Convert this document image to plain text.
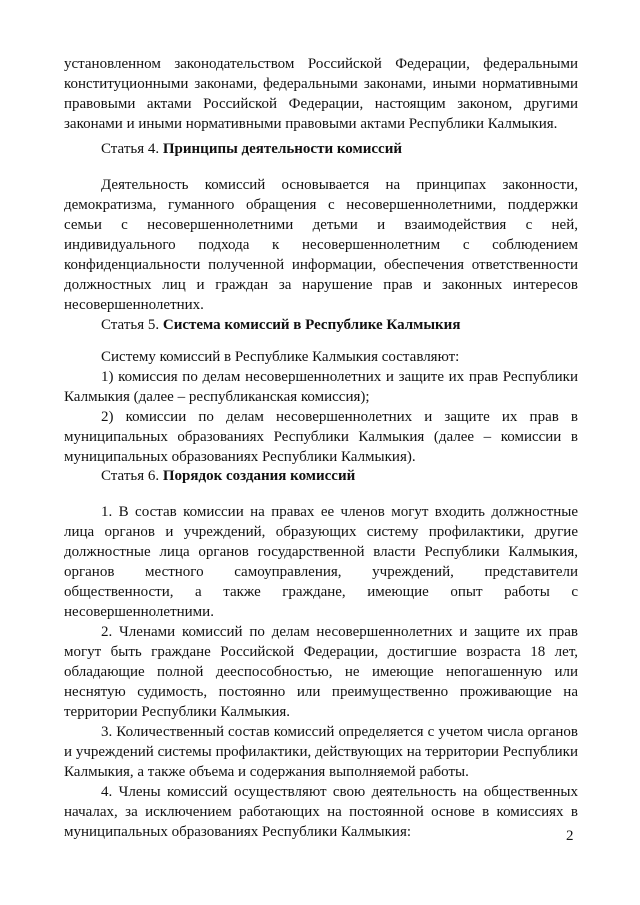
установленном законодательством Российской Федерации, федеральными
конституционными законами, федеральными законами, иными нормативными
правовыми актами Российской Федерации, настоящим законом, другими
законами и иными нормативными правовыми актами Республики Калмыкия.
Статья 4. Принципы деятельности комиссий
Деятельность комиссий основывается на принципах законности,
демократизма, гуманного обращения с несовершеннолетними, поддержки
семьи с несовершеннолетними детьми и взаимодействия с ней,
индивидуального подхода к несовершеннолетним с соблюдением
конфиденциальности полученной информации, обеспечения ответственности
должностных лиц и граждан за нарушение прав и законных интересов
несовершеннолетних.
Статья 5. Система комиссий в Республике Калмыкия
Систему комиссий в Республике Калмыкия составляют:
1) комиссия по делам несовершеннолетних и защите их прав Республики
Калмыкия (далее – республиканская комиссия);
2) комиссии по делам несовершеннолетних и защите их прав в
муниципальных образованиях Республики Калмыкия (далее – комиссии в
муниципальных образованиях Республики Калмыкия).
Статья 6. Порядок создания комиссий
1. В состав комиссии на правах ее членов могут входить должностные
лица органов и учреждений, образующих систему профилактики, другие
должностные лица органов государственной власти Республики Калмыкия,
органов местного самоуправления, учреждений, представители
общественности, а также граждане, имеющие опыт работы с
несовершеннолетними.
2. Членами комиссий по делам несовершеннолетних и защите их прав
могут быть граждане Российской Федерации, достигшие возраста 18 лет,
обладающие полной дееспособностью, не имеющие непогашенную или
неснятую судимость, постоянно или преимущественно проживающие на
территории Республики Калмыкия.
3. Количественный состав комиссий определяется с учетом числа органов
и учреждений системы профилактики, действующих на территории Республики
Калмыкия, а также объема и содержания выполняемой работы.
4. Члены комиссий осуществляют свою деятельность на общественных
началах, за исключением работающих на постоянной основе в комиссиях в
муниципальных образованиях Республики Калмыкия:	2
